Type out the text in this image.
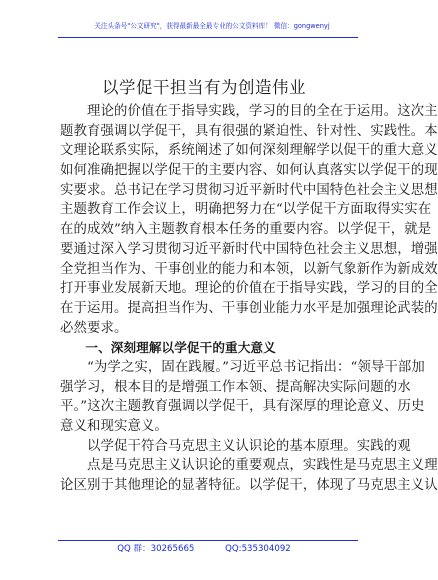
关注头条号"公文研究"，获得最新最全最专业的公文资料库！ 微信：gongwenyj
以学促干担当有为创造伟业
　　理论的价值在于指导实践，学习的目的全在于运用。这次主
题教育强调以学促干，具有很强的紧迫性、针对性、实践性。本
文理论联系实际，系统阐述了如何深刻理解学以促干的重大意义
如何准确把握以学促干的主要内容、如何认真落实以学促干的现
实要求。总书记在学习贯彻习近平新时代中国特色社会主义思想
主题教育工作会议上，明确把努力在“以学促干方面取得实实在
在的成效”纳入主题教育根本任务的重要内容。以学促干，就是
要通过深入学习贯彻习近平新时代中国特色社会主义思想，增强
全党担当作为、干事创业的能力和本领，以新气象新作为新成效
打开事业发展新天地。理论的价值在于指导实践，学习的目的全
在于运用。提高担当作为、干事创业能力水平是加强理论武装的
必然要求。
　　一、深刻理解以学促干的重大意义
　　“为学之实，固在践履。”习近平总书记指出：“领导干部加
强学习，根本目的是增强工作本领、提高解决实际问题的水
平。”这次主题教育强调以学促干，具有深厚的理论意义、历史
意义和现实意义。
　　以学促干符合马克思主义认识论的基本原理。实践的观
　　点是马克思主义认识论的重要观点，实践性是马克思主义理
论区别于其他理论的显著特征。以学促干，体现了马克思主义认
QQ 群：30265665	QQ:535304092
